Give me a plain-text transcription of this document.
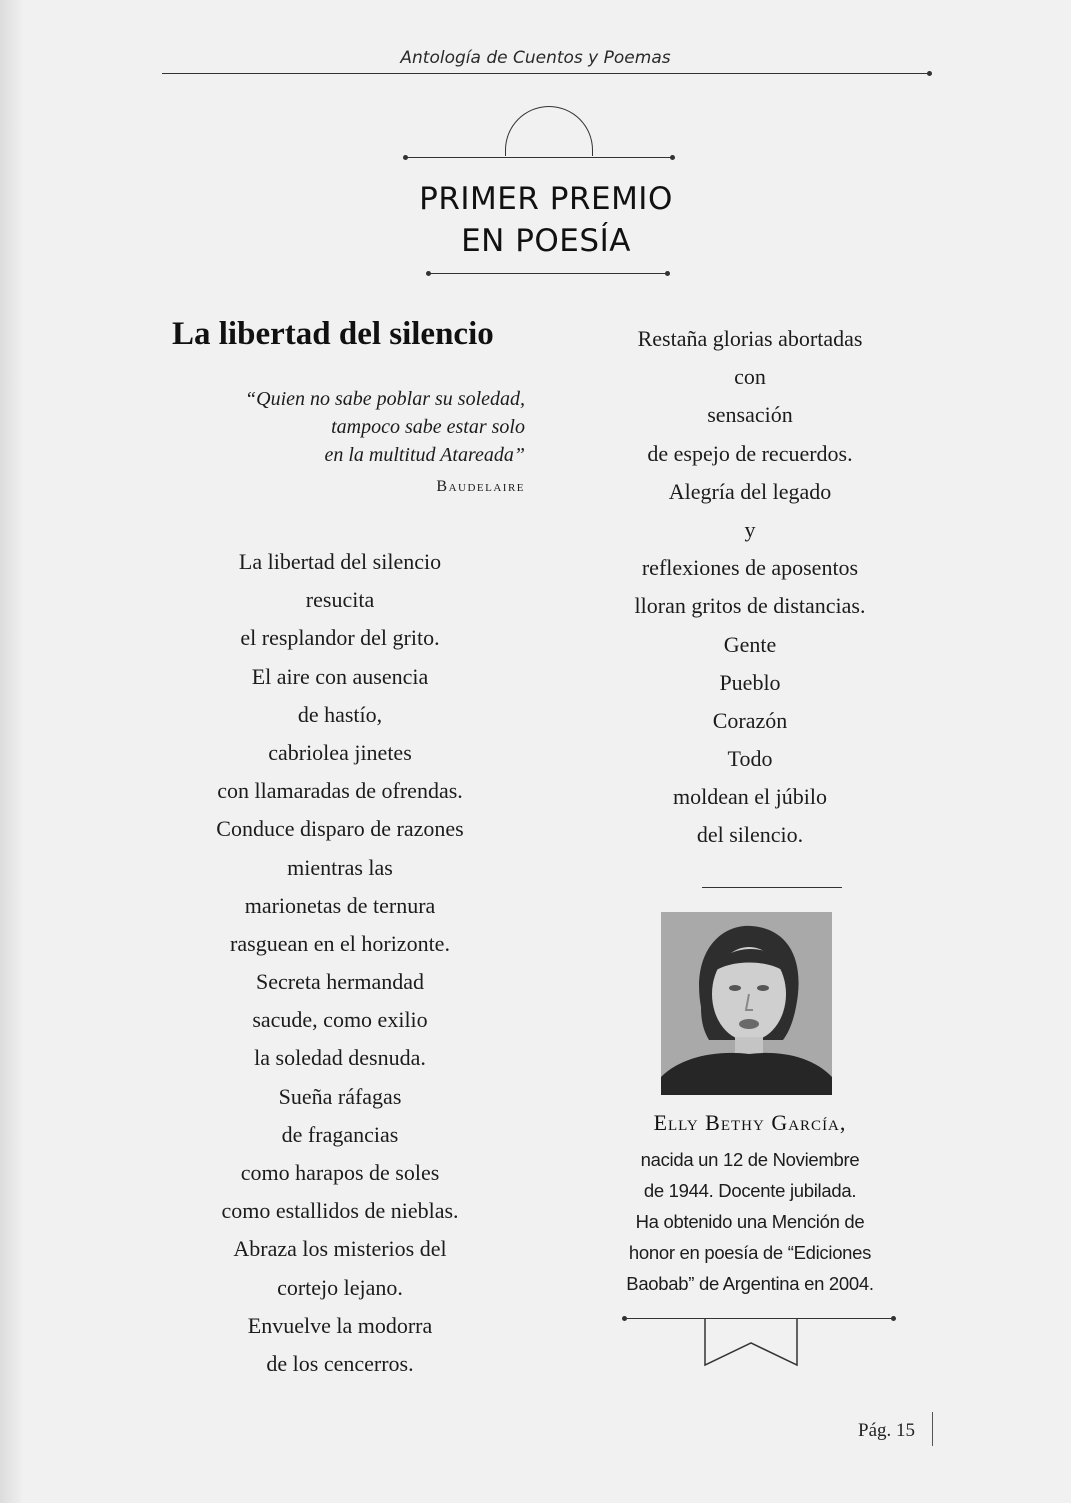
Antología de Cuentos y Poemas
PRIMER PREMIO
EN POESÍA
La libertad del silencio
“Quien no sabe poblar su soledad,
tampoco sabe estar solo
en la multitud Atareada”
Baudelaire
La libertad del silencio
resucita
el resplandor del grito.
El aire con ausencia
de hastío,
cabriolea jinetes
con llamaradas de ofrendas.
Conduce disparo de razones
mientras las
marionetas de ternura
rasguean en el horizonte.
Secreta hermandad
sacude, como exilio
la soledad desnuda.
Sueña ráfagas
de fragancias
como harapos de soles
como estallidos de nieblas.
Abraza los misterios del
cortejo lejano.
Envuelve la modorra
de los cencerros.
Restaña glorias abortadas
con
sensación
de espejo de recuerdos.
Alegría del legado
y
reflexiones de aposentos
lloran gritos de distancias.
Gente
Pueblo
Corazón
Todo
moldean el júbilo
del silencio.
Elly Bethy García,
nacida un 12 de Noviembre
de 1944. Docente jubilada.
Ha obtenido una Mención de
honor en poesía de “Ediciones
Baobab” de Argentina en 2004.
Pág. 15
